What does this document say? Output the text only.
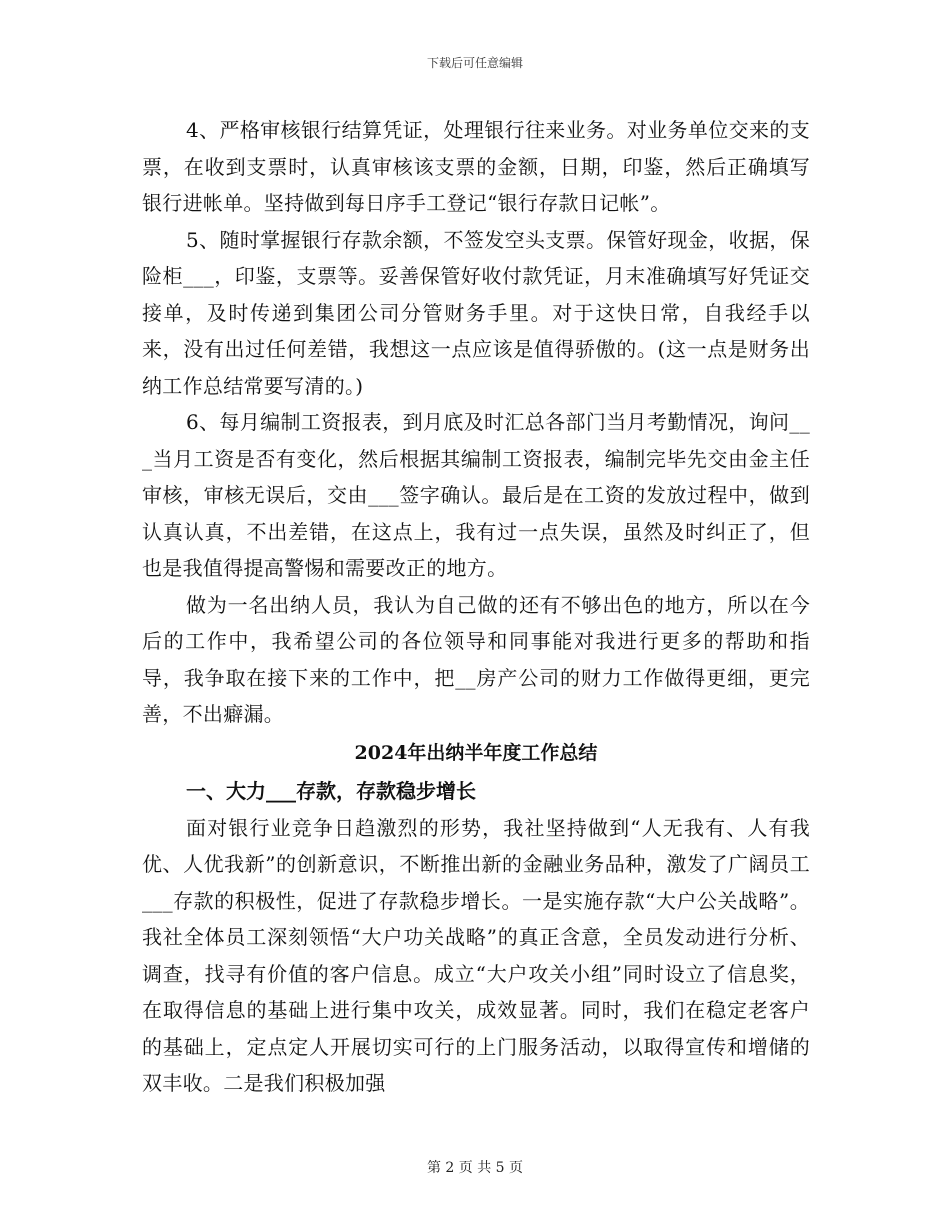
下载后可任意编辑

4、严格审核银行结算凭证，处理银行往来业务。对业务单位交来的支票，在收到支票时，认真审核该支票的金额，日期，印鉴，然后正确填写银行进帐单。坚持做到每日序手工登记“银行存款日记帐”。

5、随时掌握银行存款余额，不签发空头支票。保管好现金，收据，保险柜___，印鉴，支票等。妥善保管好收付款凭证，月末准确填写好凭证交接单，及时传递到集团公司分管财务手里。对于这快日常，自我经手以来，没有出过任何差错，我想这一点应该是值得骄傲的。(这一点是财务出纳工作总结常要写清的。)

6、每月编制工资报表，到月底及时汇总各部门当月考勤情况，询问___当月工资是否有变化，然后根据其编制工资报表，编制完毕先交由金主任审核，审核无误后，交由___签字确认。最后是在工资的发放过程中，做到认真认真，不出差错，在这点上，我有过一点失误，虽然及时纠正了，但也是我值得提高警惕和需要改正的地方。

做为一名出纳人员，我认为自己做的还有不够出色的地方，所以在今后的工作中，我希望公司的各位领导和同事能对我进行更多的帮助和指导，我争取在接下来的工作中，把__房产公司的财力工作做得更细，更完善，不出癖漏。

2024年出纳半年度工作总结
一、大力___存款，存款稳步增长

面对银行业竞争日趋激烈的形势，我社坚持做到“人无我有、人有我优、人优我新”的创新意识，不断推出新的金融业务品种，激发了广阔员工___存款的积极性，促进了存款稳步增长。一是实施存款“大户公关战略”。我社全体员工深刻领悟“大户功关战略”的真正含意，全员发动进行分析、调查，找寻有价值的客户信息。成立“大户攻关小组”同时设立了信息奖，在取得信息的基础上进行集中攻关，成效显著。同时，我们在稳定老客户的基础上，定点定人开展切实可行的上门服务活动，以取得宣传和增储的双丰收。二是我们积极加强

第 2 页 共 5 页
